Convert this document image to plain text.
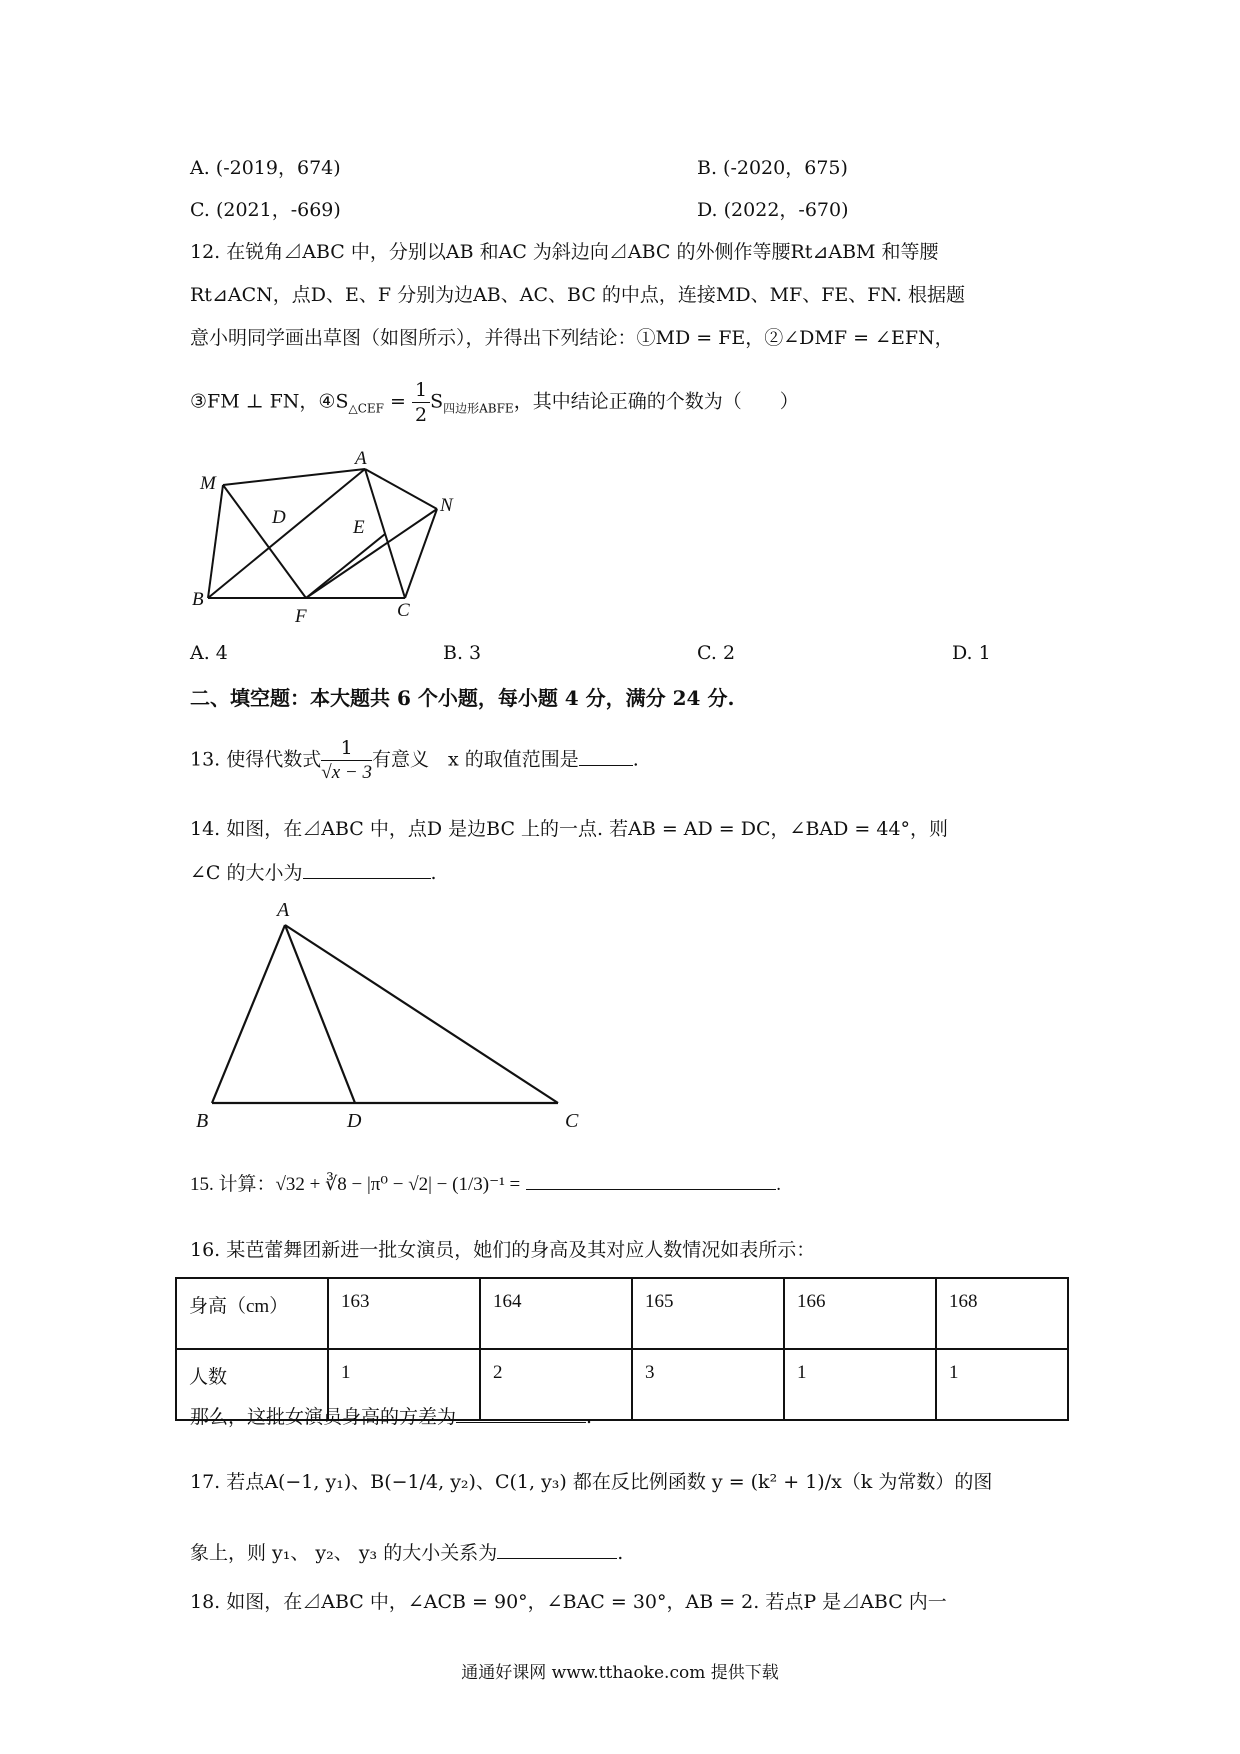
A. (-2019，674)	B. (-2020，675)
C. (2021，-669)	D. (2022，-670)
12. 在锐角⊿ABC 中，分别以AB 和AC 为斜边向⊿ABC 的外侧作等腰Rt⊿ABM 和等腰
Rt⊿ACN，点D、E、F 分别为边AB、AC、BC 的中点，连接MD、MF、FE、FN. 根据题
意小明同学画出草图（如图所示），并得出下列结论：①MD = FE，②∠DMF = ∠EFN，
③FM ⊥ FN，$④S_{\triangle CEF} = \frac{1}{2} S_{四边形ABFE}$，其中结论正确的个数为（　　）
M
A
D
N
E
B
F	C
A. 4	B. 3	C. 2	D. 1
二、填空题：本大题共 6 个小题，每小题 4 分，满分 24 分.
13. 使得代数式 $\frac{1}{√x - 3}$ 有意义　x 的取值范围是	.
14. 如图，在⊿ABC 中，点D 是边BC 上的一点. 若AB = AD = DC，∠BAD = 44°，则
∠C 的大小为	.
A
B	D	C
15. 计算：√32 + ∛8 − |π⁰ − √2| − (1/3)⁻¹ =	.
16. 某芭蕾舞团新进一批女演员，她们的身高及其对应人数情况如表所示：
身高（cm）	163	164	165	166	168
人数	1	2	3	1	1
那么，这批女演员身高的方差为	.
17. 若点A(−1, y₁)、B(−1/4, y₂)、C(1, y₃) 都在反比例函数 y = (k² + 1)/x（k 为常数）的图
象上，则 y₁、 y₂、 y₃ 的大小关系为	.
18. 如图，在⊿ABC 中，∠ACB = 90°，∠BAC = 30°，AB = 2. 若点P 是⊿ABC 内一
通通好课网 www.tthaoke.com 提供下载
